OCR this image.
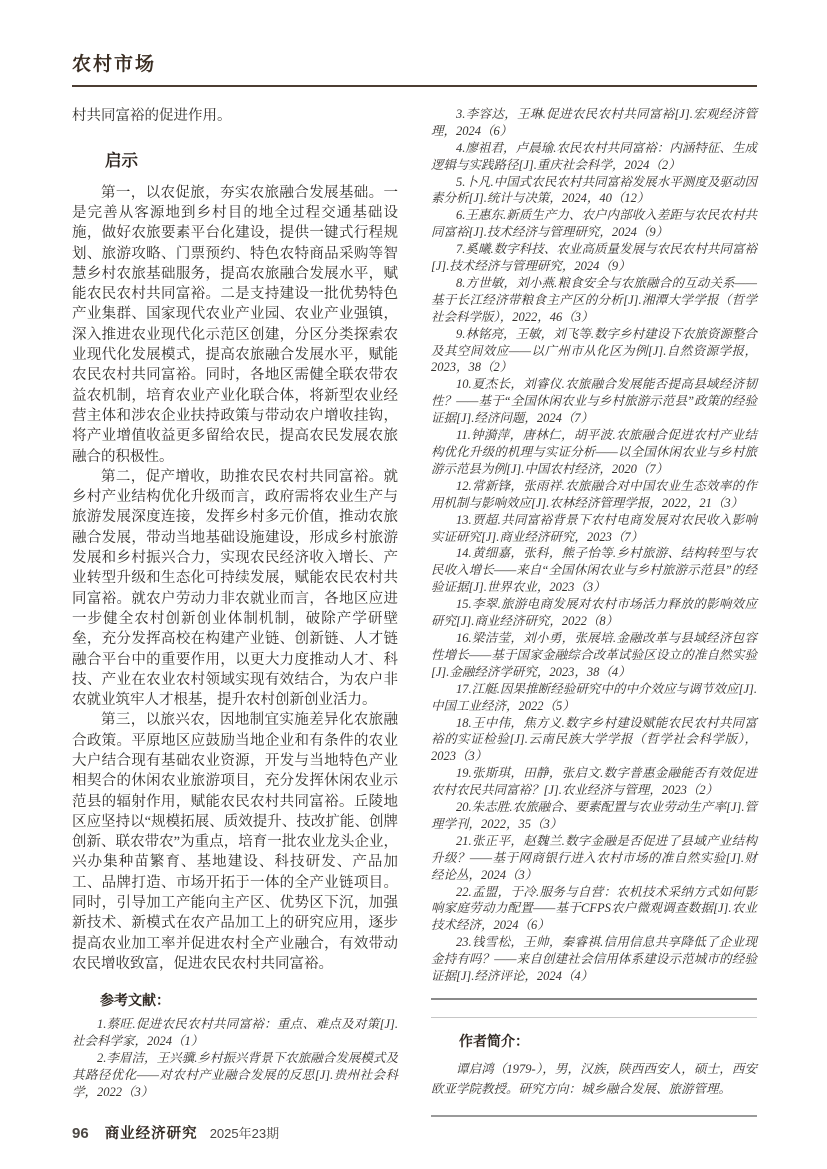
农村市场

村共同富裕的促进作用。

启示

第一，以农促旅，夯实农旅融合发展基础。一是完善从客源地到乡村目的地全过程交通基础设施，做好农旅要素平台化建设，提供一键式行程规划、旅游攻略、门票预约、特色农特商品采购等智慧乡村农旅基础服务，提高农旅融合发展水平，赋能农民农村共同富裕。二是支持建设一批优势特色产业集群、国家现代农业产业园、农业产业强镇，深入推进农业现代化示范区创建，分区分类探索农业现代化发展模式，提高农旅融合发展水平，赋能农民农村共同富裕。同时，各地区需健全联农带农益农机制，培育农业产业化联合体，将新型农业经营主体和涉农企业扶持政策与带动农户增收挂钩，将产业增值收益更多留给农民，提高农民发展农旅融合的积极性。

第二，促产增收，助推农民农村共同富裕。就乡村产业结构优化升级而言，政府需将农业生产与旅游发展深度连接，发挥乡村多元价值，推动农旅融合发展，带动当地基础设施建设，形成乡村旅游发展和乡村振兴合力，实现农民经济收入增长、产业转型升级和生态化可持续发展，赋能农民农村共同富裕。就农户劳动力非农就业而言，各地区应进一步健全农村创新创业体制机制，破除产学研壁垒，充分发挥高校在构建产业链、创新链、人才链融合平台中的重要作用，以更大力度推动人才、科技、产业在农业农村领域实现有效结合，为农户非农就业筑牢人才根基，提升农村创新创业活力。

第三，以旅兴农，因地制宜实施差异化农旅融合政策。平原地区应鼓励当地企业和有条件的农业大户结合现有基础农业资源，开发与当地特色产业相契合的休闲农业旅游项目，充分发挥休闲农业示范县的辐射作用，赋能农民农村共同富裕。丘陵地区应坚持以“规模拓展、质效提升、技改扩能、创牌创新、联农带农”为重点，培育一批农业龙头企业，兴办集种苗繁育、基地建设、科技研发、产品加工、品牌打造、市场开拓于一体的全产业链项目。同时，引导加工产能向主产区、优势区下沉，加强新技术、新模式在农产品加工上的研究应用，逐步提高农业加工率并促进农村全产业融合，有效带动农民增收致富，促进农民农村共同富裕。

参考文献：

1.蔡旺.促进农民农村共同富裕：重点、难点及对策[J].社会科学家，2024（1）

2.李眉洁，王兴骥.乡村振兴背景下农旅融合发展模式及其路径优化——对农村产业融合发展的反思[J].贵州社会科学，2022（3）

3.李容达，王琳.促进农民农村共同富裕[J].宏观经济管理，2024（6）

4.廖祖君，卢晨瑜.农民农村共同富裕：内涵特征、生成逻辑与实践路径[J].重庆社会科学，2024（2）

5.卜凡.中国式农民农村共同富裕发展水平测度及驱动因素分析[J].统计与决策，2024，40（12）

6.王惠东.新质生产力、农户内部收入差距与农民农村共同富裕[J].技术经济与管理研究，2024（9）

7.奚曦.数字科技、农业高质量发展与农民农村共同富裕[J].技术经济与管理研究，2024（9）

8.方世敏，刘小燕.粮食安全与农旅融合的互动关系——基于长江经济带粮食主产区的分析[J].湘潭大学学报（哲学社会科学版），2022，46（3）

9.林铭亮，王敏，刘飞等.数字乡村建设下农旅资源整合及其空间效应——以广州市从化区为例[J].自然资源学报，2023，38（2）

10.夏杰长，刘睿仪.农旅融合发展能否提高县域经济韧性？——基于“全国休闲农业与乡村旅游示范县”政策的经验证据[J].经济问题，2024（7）

11.钟漪萍，唐林仁，胡平波.农旅融合促进农村产业结构优化升级的机理与实证分析——以全国休闲农业与乡村旅游示范县为例[J].中国农村经济，2020（7）

12.常新锋，张雨祥.农旅融合对中国农业生态效率的作用机制与影响效应[J].农林经济管理学报，2022，21（3）

13.贾超.共同富裕背景下农村电商发展对农民收入影响实证研究[J].商业经济研究，2023（7）

14.黄细嘉，张科，熊子怡等.乡村旅游、结构转型与农民收入增长——来自“全国休闲农业与乡村旅游示范县”的经验证据[J].世界农业，2023（3）

15.李翠.旅游电商发展对农村市场活力释放的影响效应研究[J].商业经济研究，2022（8）

16.梁洁莹，刘小勇，张展培.金融改革与县域经济包容性增长——基于国家金融综合改革试验区设立的准自然实验[J].金融经济学研究，2023，38（4）

17.江艇.因果推断经验研究中的中介效应与调节效应[J].中国工业经济，2022（5）

18.王中伟，焦方义.数字乡村建设赋能农民农村共同富裕的实证检验[J].云南民族大学学报（哲学社会科学版），2023（3）

19.张斯琪，田静，张启文.数字普惠金融能否有效促进农村农民共同富裕？[J].农业经济与管理，2023（2）

20.朱志胜.农旅融合、要素配置与农业劳动生产率[J].管理学刊，2022，35（3）

21.张正平，赵魏兰.数字金融是否促进了县域产业结构升级？——基于网商银行进入农村市场的准自然实验[J].财经论丛，2024（3）

22.孟盟，于冷.服务与自营：农机技术采纳方式如何影响家庭劳动力配置——基于CFPS农户微观调查数据[J].农业技术经济，2024（6）

23.钱雪松，王帅，秦睿祺.信用信息共享降低了企业现金持有吗？——来自创建社会信用体系建设示范城市的经验证据[J].经济评论，2024（4）

作者简介：

谭启鸿（1979-），男，汉族，陕西西安人，硕士，西安欧亚学院教授。研究方向：城乡融合发展、旅游管理。

96 商业经济研究 2025年23期
